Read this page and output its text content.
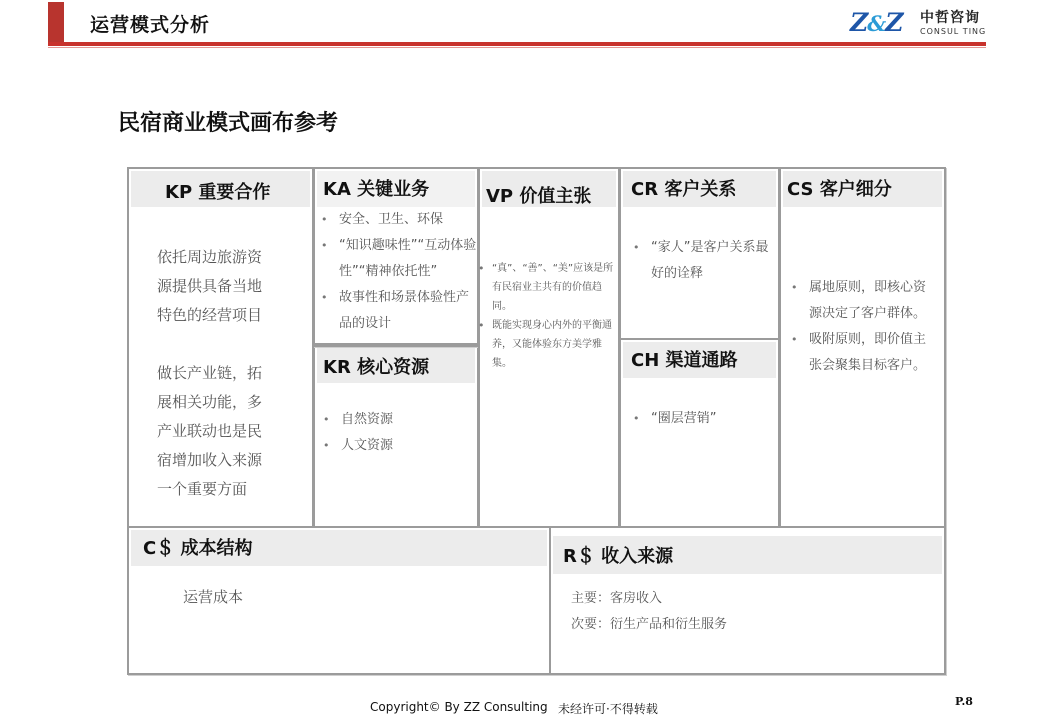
运营模式分析	Z&Z 中哲咨询
CONSUL TING
民宿商业模式画布参考
KP 重要合作
依托周边旅游资
源提供具备当地
特色的经营项目
做长产业链，拓
展相关功能，多
产业联动也是民
宿增加收入来源
一个重要方面
KR 核心资源
• 自然资源
• 人文资源
KA 关键业务
• 安全、卫生、环保
• “知识趣味性”“互动体验性”“精神依托性”
• 故事性和场景体验性产品的设计
VP 价值主张
• “真”、“善”、“美”应该是所有民宿业主共有的价值趋同。
• 既能实现身心内外的平衡通养，又能体验东方美学雅集。
CR 客户关系
• “家人”是客户关系最好的诠释
CH 渠道通路
• “圈层营销”
CS 客户细分
• 属地原则，即核心资源决定了客户群体。
• 吸附原则，即价值主张会聚集目标客户。
C＄ 成本结构
运营成本
R＄ 收入来源
主要：客房收入
次要：衍生产品和衍生服务
Copyright© By ZZ Consulting 未经许可·不得转载
P.8
